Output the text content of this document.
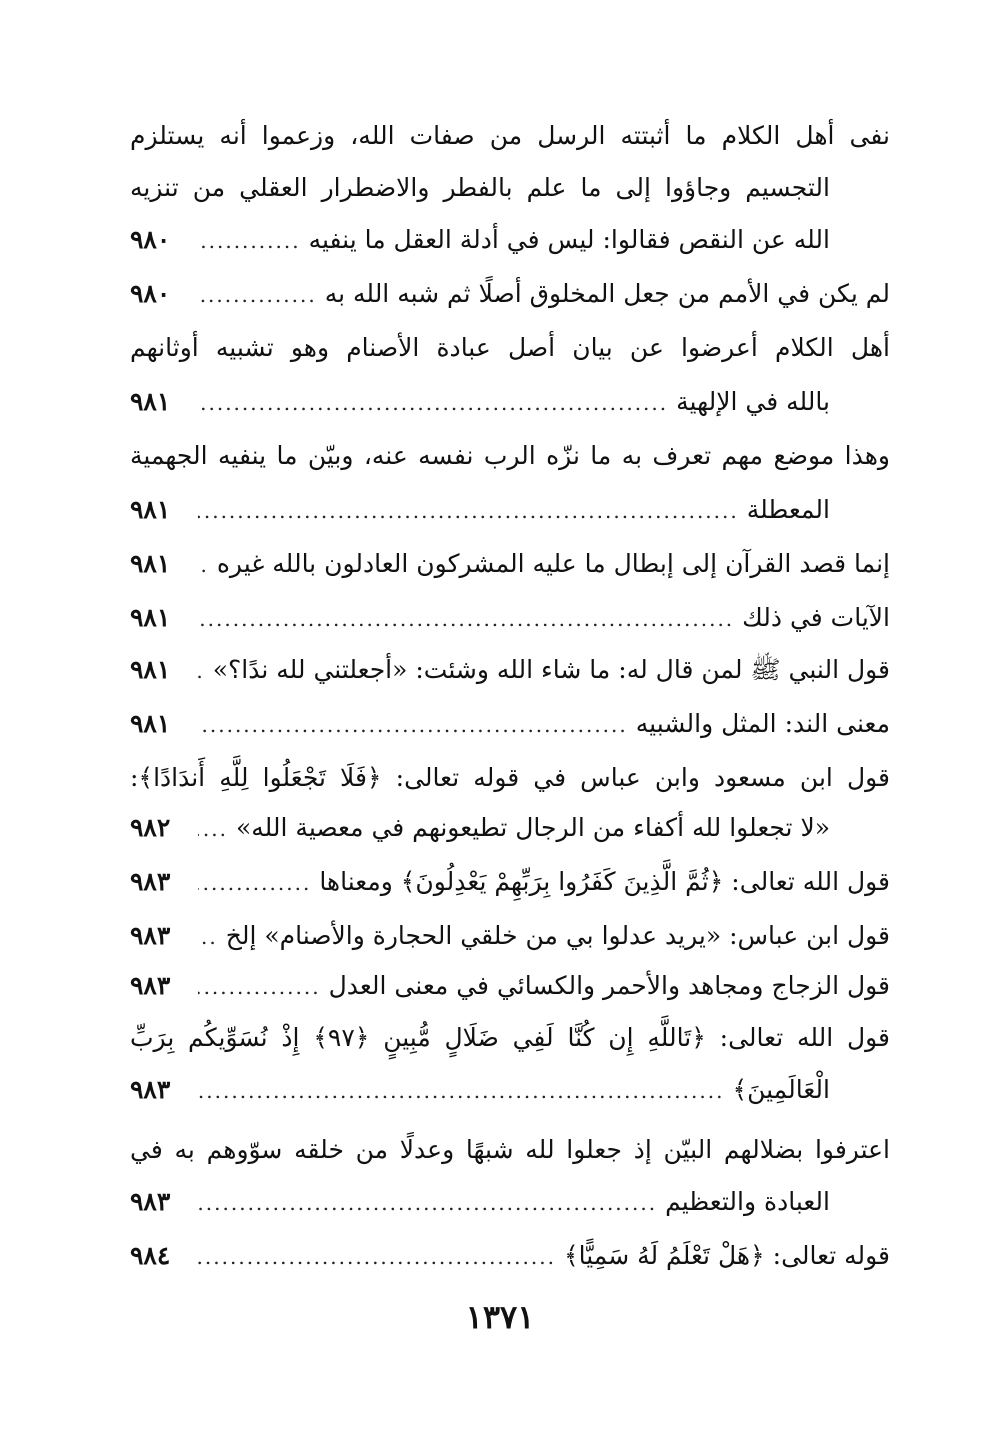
نفى أهل الكلام ما أثبتته الرسل من صفات الله، وزعموا أنه يستلزم
التجسيم وجاؤوا إلى ما علم بالفطر والاضطرار العقلي من تنزيه
الله عن النقص فقالوا: ليس في أدلة العقل ما ينفيه
.....
٩٨٠
لم يكن في الأمم من جعل المخلوق أصلًا ثم شبه الله به
.....
٩٨٠
أهل الكلام أعرضوا عن بيان أصل عبادة الأصنام وهو تشبيه أوثانهم
بالله في الإلهية
.....
٩٨١
وهذا موضع مهم تعرف به ما نزّه الرب نفسه عنه، وبيّن ما ينفيه الجهمية
المعطلة
.....
٩٨١
إنما قصد القرآن إلى إبطال ما عليه المشركون العادلون بالله غيره
.....
٩٨١
الآيات في ذلك
.....
٩٨١
قول النبي ﷺ لمن قال له: ما شاء الله وشئت: «أجعلتني لله ندًا؟»
.....
٩٨١
معنى الند: المثل والشبيه
.....
٩٨١
قول ابن مسعود وابن عباس في قوله تعالى: ﴿فَلَا تَجْعَلُوا لِلَّهِ أَندَادًا﴾:
«لا تجعلوا لله أكفاء من الرجال تطيعونهم في معصية الله»
.....
٩٨٢
قول الله تعالى: ﴿ثُمَّ الَّذِينَ كَفَرُوا بِرَبِّهِمْ يَعْدِلُونَ﴾ ومعناها
.....
٩٨٣
قول ابن عباس: «يريد عدلوا بي من خلقي الحجارة والأصنام» إلخ
.....
٩٨٣
قول الزجاج ومجاهد والأحمر والكسائي في معنى العدل
.....
٩٨٣
قول الله تعالى: ﴿تَاللَّهِ إِن كُنَّا لَفِي ضَلَالٍ مُّبِينٍ ﴿٩٧﴾ إِذْ نُسَوِّيكُم بِرَبِّ
الْعَالَمِينَ﴾
.....
٩٨٣
اعترفوا بضلالهم البيّن إذ جعلوا لله شبهًا وعدلًا من خلقه سوّوهم به في
العبادة والتعظيم
.....
٩٨٣
قوله تعالى: ﴿هَلْ تَعْلَمُ لَهُ سَمِيًّا﴾
.....
٩٨٤
١٣٧١
